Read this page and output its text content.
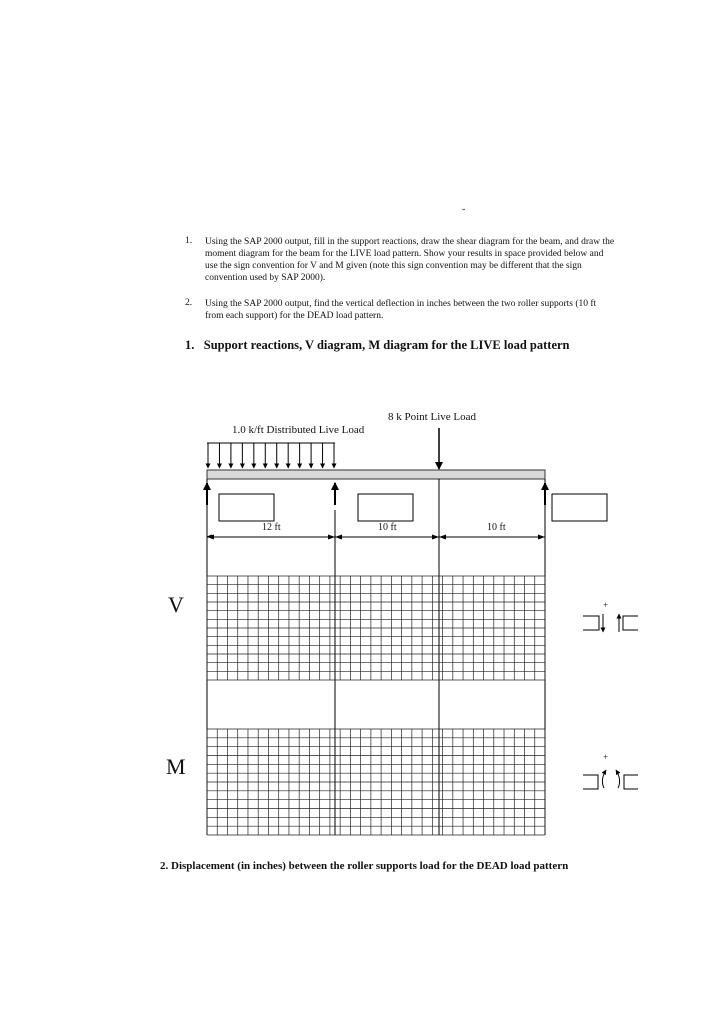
˘
1. Using the SAP 2000 output, fill in the support reactions, draw the shear diagram for the beam, and draw the
moment diagram for the beam for the LIVE load pattern. Show your results in space provided below and
use the sign convention for V and M given (note this sign convention may be different that the sign
convention used by SAP 2000).
2. Using the SAP 2000 output, find the vertical deflection in inches between the two roller supports (10 ft
from each support) for the DEAD load pattern.
1.   Support reactions, V diagram, M diagram for the LIVE load pattern
8 k Point Live Load
1.0 k/ft Distributed Live Load
12 ft	10 ft	10 ft
V
M
+
+
2. Displacement (in inches) between the roller supports load for the DEAD load pattern
